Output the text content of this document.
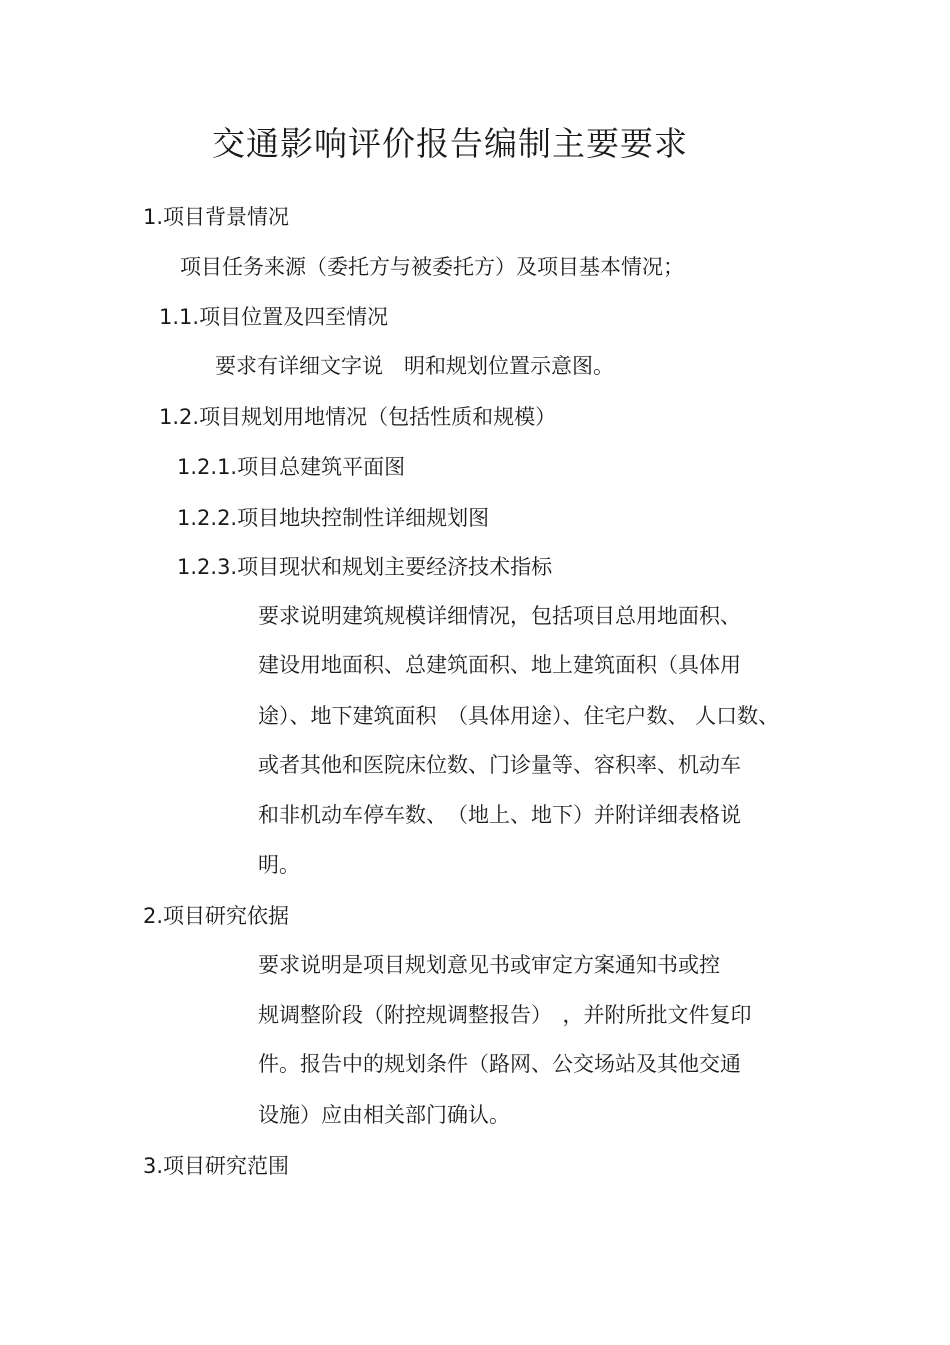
交通影响评价报告编制主要要求
1.项目背景情况
项目任务来源（委托方与被委托方）及项目基本情况；
1.1.项目位置及四至情况
要求有详细文字说　明和规划位置示意图。
1.2.项目规划用地情况（包括性质和规模）
1.2.1.项目总建筑平面图
1.2.2.项目地块控制性详细规划图
1.2.3.项目现状和规划主要经济技术指标
要求说明建筑规模详细情况，包括项目总用地面积、
建设用地面积、总建筑面积、地上建筑面积（具体用
途）、地下建筑面积　（具体用途）、住宅户数、 人口数、
或者其他和医院床位数、门诊量等、容积率、机动车
和非机动车停车数、　（地上、地下）并附详细表格说
明。
2.项目研究依据
要求说明是项目规划意见书或审定方案通知书或控
规调整阶段（附控规调整报告）　，并附所批文件复印
件。报告中的规划条件（路网、公交场站及其他交通
设施）应由相关部门确认。
3.项目研究范围
